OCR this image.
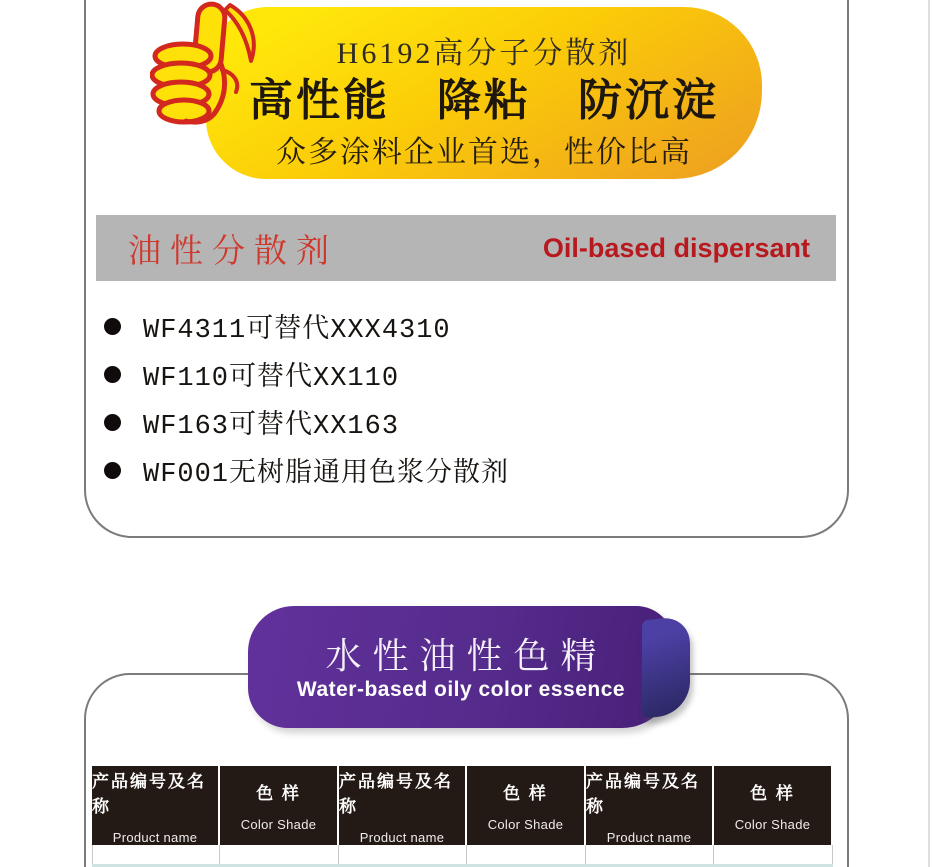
H6192高分子分散剂
高性能　降粘　防沉淀
众多涂料企业首选，性价比高
油性分散剂	Oil-based dispersant
WF4311可替代XXX4310
WF110可替代XX110
WF163可替代XX163
WF001无树脂通用色浆分散剂
水性油性色精
Water-based oily color essence
产品编号及名称
Product name
色 样
Color Shade
产品编号及名称
Product name
色 样
Color Shade
产品编号及名称
Product name
色 样
Color Shade
